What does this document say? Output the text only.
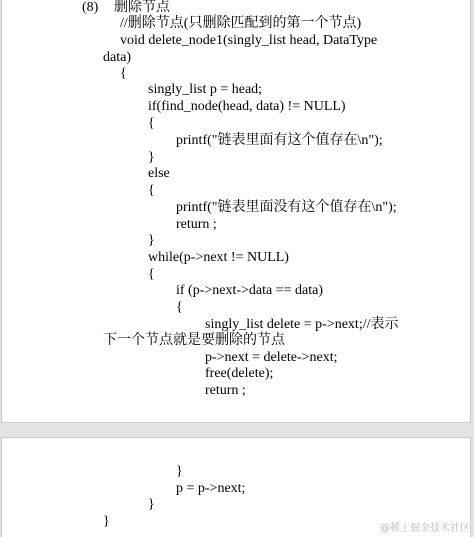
(8) 删除节点
//删除节点(只删除匹配到的第一个节点)
void delete_node1(singly_list head, DataType
data)
{
singly_list p = head;
if(find_node(head, data) != NULL)
{
printf("链表里面有这个值存在\n");
}
else
{
printf("链表里面没有这个值存在\n");
return ;
}
while(p->next != NULL)
{
if (p->next->data == data)
{
singly_list delete = p->next;//表示
下一个节点就是要删除的节点
p->next = delete->next;
free(delete);
return ;
}
p = p->next;
}
}	@稀土掘金技术社区
